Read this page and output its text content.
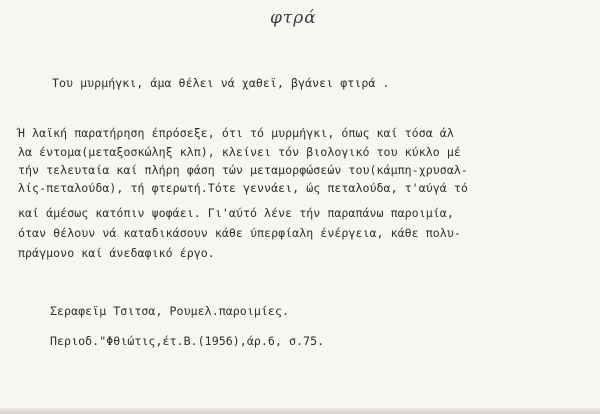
φτρά
Του μυρμήγκι, άμα θέλει νά χαθεϊ, βγάνει φτιρά .
Ή λαϊκή παρατήρηση έπρόσεξε, ότι τό μυρμήγκι, όπως καί τόσα άλ
λα έντομα(μεταξοσκώληξ κλπ), κλείνει τόν βιολογικό του κύκλο μέ
τήν τελευταία καί πλήρη φάση τών μεταμορφώσεών του(κάμπη-χρυσαλ-
λίς-πεταλούδα), τή φτερωτή.Τότε γεννάει, ώς πεταλούδα, τ'αύγά τό
καί άμέσως κατόπιν ψοφάει. Γι'αύτό λένε τήν παραπάνω παροιμία,
όταν θέλουν νά καταδικάσουν κάθε ύπερφίαλη ένέργεια, κάθε πολυ-
πράγμονο καί άνεδαφικό έργο.
Σεραφεϊμ Τσιτσα, Ρουμελ.παροιμίες.
Περιοδ."Φθιώτις,έτ.Β.(1956),άρ.6, σ.75.
